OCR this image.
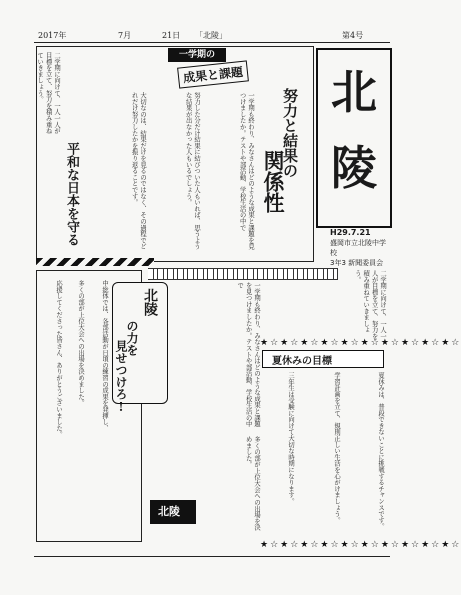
2017年	7月	21日 「北陵」	第4号
一学期の
成果と課題
努力と結果の
関係性
平和な日本を守る	一学期も終わり、みなさんはどのような成果と課題を見つけましたか。テストや部活動、学校生活の中で
努力した分だけ結果に結びついた人もいれば、思うような結果が出なかった人もいるでしょう。
大切なのは、結果だけを見るのではなく、その過程でどれだけ努力したかを振り返ることです。
二学期に向けて、一人一人が目標を立て、努力を積み重ねていきましょう。	北
陵
H29.7.21
盛岡市立北陵中学校
3年3 新聞委員会
北陵
の力を
見せつけろ!
中総体では、各部活動が日頃の練習の成果を発揮し、
多くの部が上位大会への出場を決めました。
応援してくださった皆さん、ありがとうございました。	一学期も終わり、みなさんはどのような成果と課題を見つけましたか。テストや部活動、学校生活の中で
多くの部が上位大会への出場を決めました。
夏休みの目標
★☆★☆★☆★☆★☆★☆★☆★☆★☆★☆
★☆★☆★☆★☆★☆★☆★☆★☆★☆★☆
夏休みは、普段できないことに挑戦するチャンスです。
学習計画を立て、規則正しい生活を心がけましょう。
三年生は受験に向けて大切な時期になります。
二学期に向けて、一人一人が目標を立て、努力を積み重ねていきましょう。
北陵
